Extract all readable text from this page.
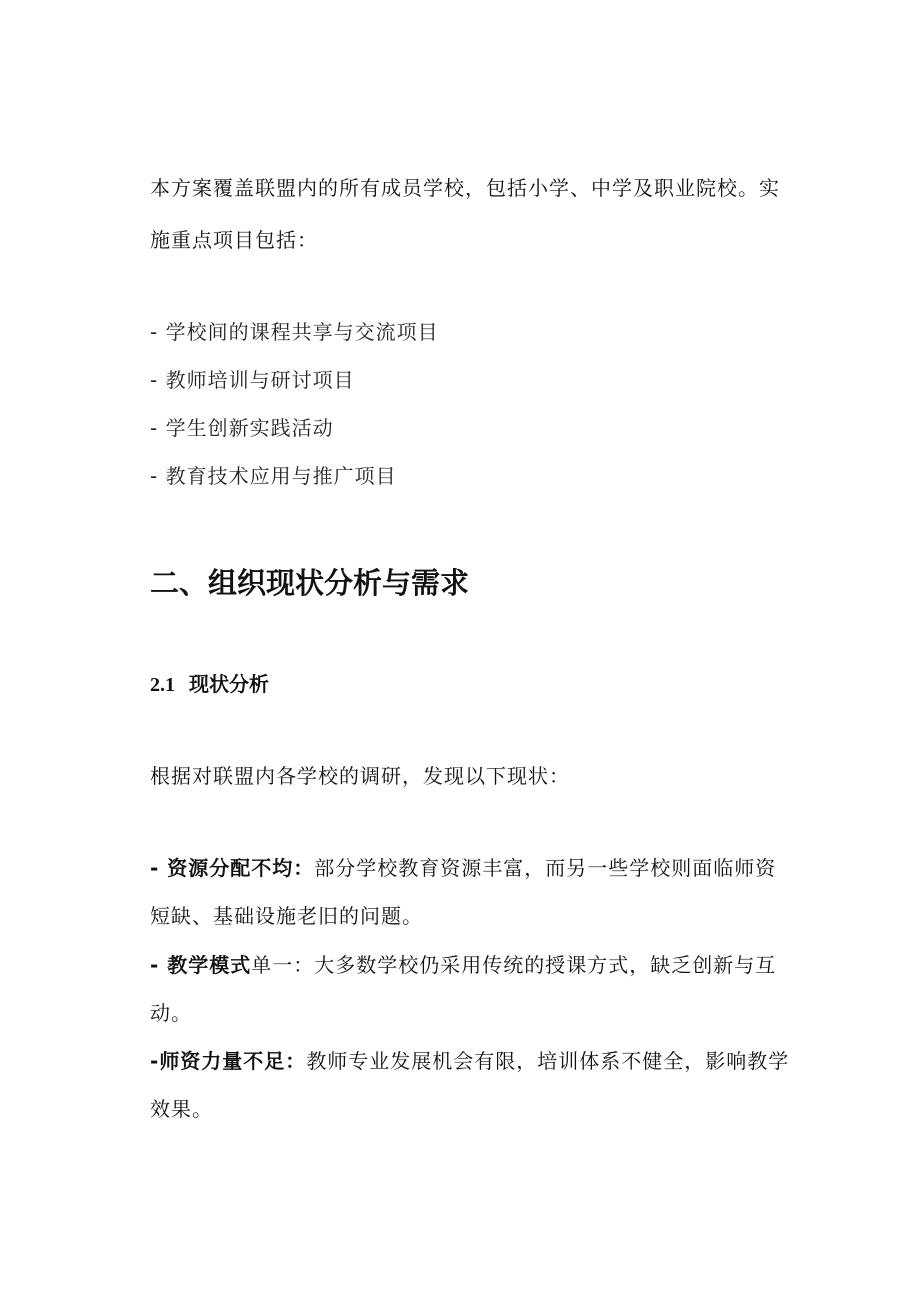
本方案覆盖联盟内的所有成员学校，包括小学、中学及职业院校。实
施重点项目包括：
- 学校间的课程共享与交流项目
- 教师培训与研讨项目
- 学生创新实践活动
- 教育技术应用与推广项目
二、组织现状分析与需求
2.1 现状分析
根据对联盟内各学校的调研，发现以下现状：
- 资源分配不均：部分学校教育资源丰富，而另一些学校则面临师资
短缺、基础设施老旧的问题。
- 教学模式单一：大多数学校仍采用传统的授课方式，缺乏创新与互
动。
-师资力量不足：教师专业发展机会有限，培训体系不健全，影响教学
效果。
